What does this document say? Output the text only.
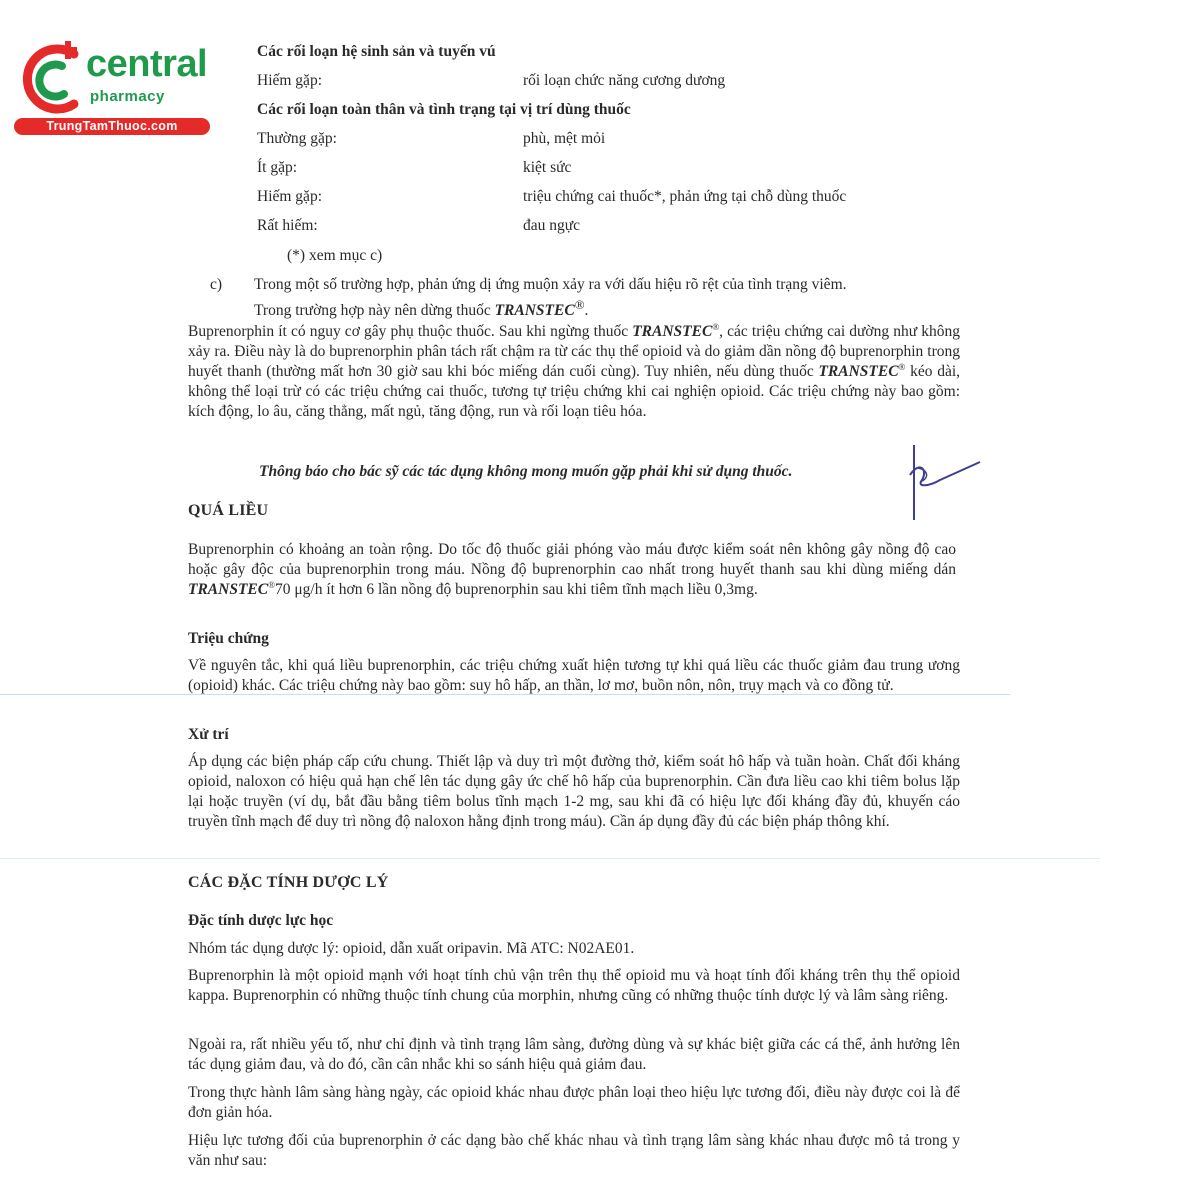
central
pharmacy
TrungTamThuoc.com
Các rối loạn hệ sinh sản và tuyến vú
Hiếm gặp:	rối loạn chức năng cương dương
Các rối loạn toàn thân và tình trạng tại vị trí dùng thuốc
Thường gặp:	phù, mệt mỏi
Ít gặp:	kiệt sức
Hiếm gặp:	triệu chứng cai thuốc*, phản ứng tại chỗ dùng thuốc
Rất hiếm:	đau ngực
(*) xem mục c)
c) Trong một số trường hợp, phản ứng dị ứng muộn xảy ra với dấu hiệu rõ rệt của tình trạng viêm.
Trong trường hợp này nên dừng thuốc TRANSTEC®.
Buprenorphin ít có nguy cơ gây phụ thuộc thuốc. Sau khi ngừng thuốc TRANSTEC®, các triệu chứng cai dường như không xảy ra. Điều này là do buprenorphin phân tách rất chậm ra từ các thụ thể opioid và do giảm dần nồng độ buprenorphin trong huyết thanh (thường mất hơn 30 giờ sau khi bóc miếng dán cuối cùng). Tuy nhiên, nếu dùng thuốc TRANSTEC® kéo dài, không thể loại trừ có các triệu chứng cai thuốc, tương tự triệu chứng khi cai nghiện opioid. Các triệu chứng này bao gồm: kích động, lo âu, căng thẳng, mất ngủ, tăng động, run và rối loạn tiêu hóa.
Thông báo cho bác sỹ các tác dụng không mong muốn gặp phải khi sử dụng thuốc.
QUÁ LIỀU
Buprenorphin có khoảng an toàn rộng. Do tốc độ thuốc giải phóng vào máu được kiểm soát nên không gây nồng độ cao hoặc gây độc của buprenorphin trong máu. Nồng độ buprenorphin cao nhất trong huyết thanh sau khi dùng miếng dán TRANSTEC®70 μg/h ít hơn 6 lần nồng độ buprenorphin sau khi tiêm tĩnh mạch liều 0,3mg.
Triệu chứng
Về nguyên tắc, khi quá liều buprenorphin, các triệu chứng xuất hiện tương tự khi quá liều các thuốc giảm đau trung ương (opioid) khác. Các triệu chứng này bao gồm: suy hô hấp, an thần, lơ mơ, buồn nôn, nôn, trụy mạch và co đồng tử.
Xử trí
Áp dụng các biện pháp cấp cứu chung. Thiết lập và duy trì một đường thở, kiểm soát hô hấp và tuần hoàn. Chất đối kháng opioid, naloxon có hiệu quả hạn chế lên tác dụng gây ức chế hô hấp của buprenorphin. Cần đưa liều cao khi tiêm bolus lặp lại hoặc truyền (ví dụ, bắt đầu bằng tiêm bolus tĩnh mạch 1-2 mg, sau khi đã có hiệu lực đối kháng đầy đủ, khuyến cáo truyền tĩnh mạch để duy trì nồng độ naloxon hằng định trong máu). Cần áp dụng đầy đủ các biện pháp thông khí.
CÁC ĐẶC TÍNH DƯỢC LÝ
Đặc tính dược lực học
Nhóm tác dụng dược lý: opioid, dẫn xuất oripavin. Mã ATC: N02AE01.
Buprenorphin là một opioid mạnh với hoạt tính chủ vận trên thụ thể opioid mu và hoạt tính đối kháng trên thụ thể opioid kappa. Buprenorphin có những thuộc tính chung của morphin, nhưng cũng có những thuộc tính dược lý và lâm sàng riêng.
Ngoài ra, rất nhiều yếu tố, như chỉ định và tình trạng lâm sàng, đường dùng và sự khác biệt giữa các cá thể, ảnh hưởng lên tác dụng giảm đau, và do đó, cần cân nhắc khi so sánh hiệu quả giảm đau.
Trong thực hành lâm sàng hàng ngày, các opioid khác nhau được phân loại theo hiệu lực tương đối, điều này được coi là để đơn giản hóa.
Hiệu lực tương đối của buprenorphin ở các dạng bào chế khác nhau và tình trạng lâm sàng khác nhau được mô tả trong y văn như sau:
